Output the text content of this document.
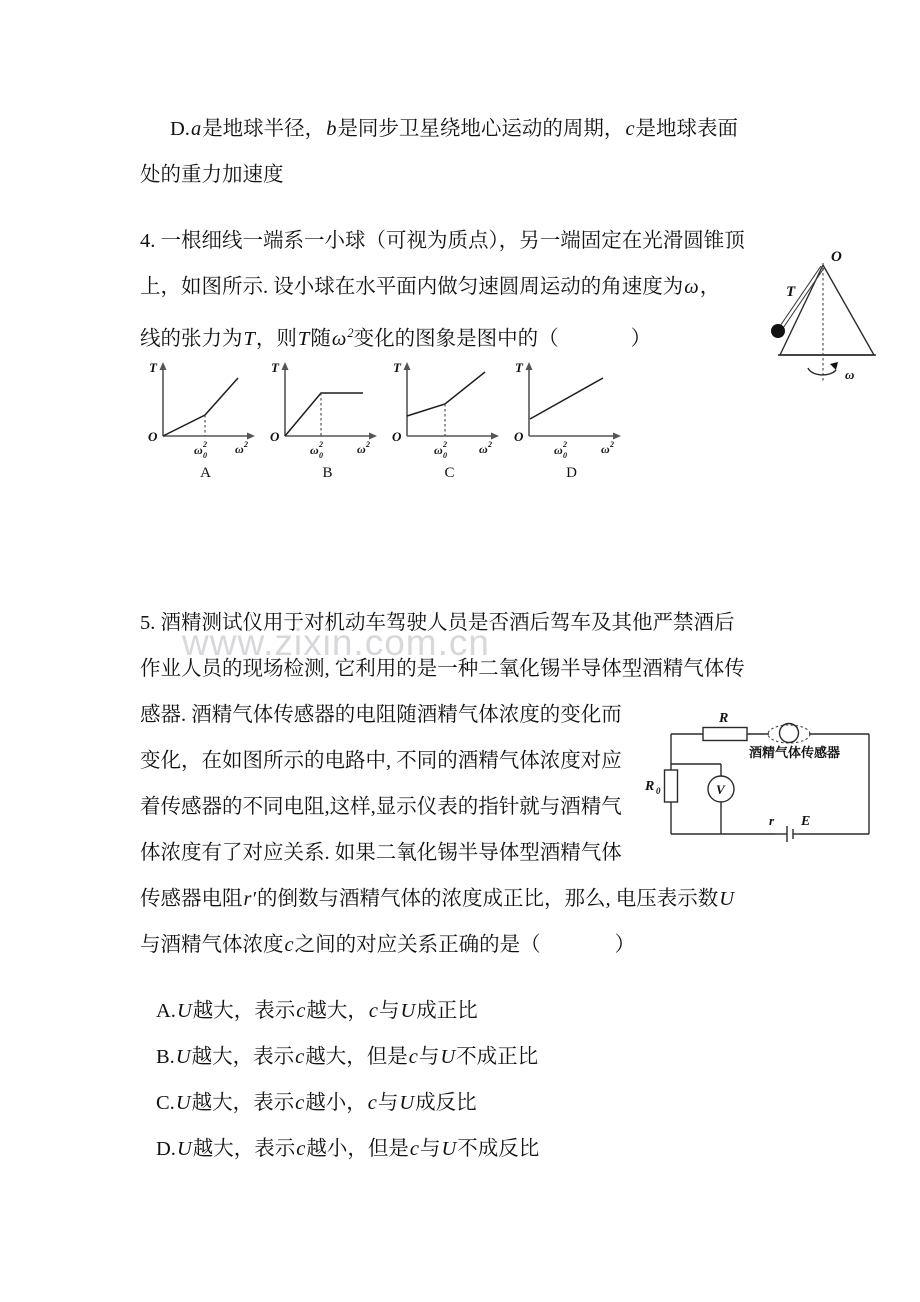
www.zixin.com.cn
D.a是地球半径，b是同步卫星绕地心运动的周期，c是地球表面
处的重力加速度
4. 一根细线一端系一小球（可视为质点），另一端固定在光滑圆锥顶
上，如图所示. 设小球在水平面内做匀速圆周运动的角速度为ω，
线的张力为T，则T随$\omega^2$变化的图象是图中的（	）
O
T
ω
T
O
ω 0
2 ω 2
A
T
O
ω 0
2	ω 2
B
T
O
ω 0
2	ω 2
C
T
O
ω 0
2	ω 2
D
5. 酒精测试仪用于对机动车驾驶人员是否酒后驾车及其他严禁酒后
作业人员的现场检测, 它利用的是一种二氧化锡半导体型酒精气体传
感器. 酒精气体传感器的电阻随酒精气体浓度的变化而
变化，在如图所示的电路中, 不同的酒精气体浓度对应
着传感器的不同电阻,这样,显示仪表的指针就与酒精气
体浓度有了对应关系. 如果二氧化锡半导体型酒精气体
传感器电阻r′的倒数与酒精气体的浓度成正比，那么, 电压表示数U
与酒精气体浓度c之间的对应关系正确的是（	）
R
酒精气体传感器
R 0	V
r E
A.U越大，表示c越大，c与U成正比
B.U越大，表示c越大，但是c与U不成正比
C.U越大，表示c越小，c与U成反比
D.U越大，表示c越小，但是c与U不成反比
